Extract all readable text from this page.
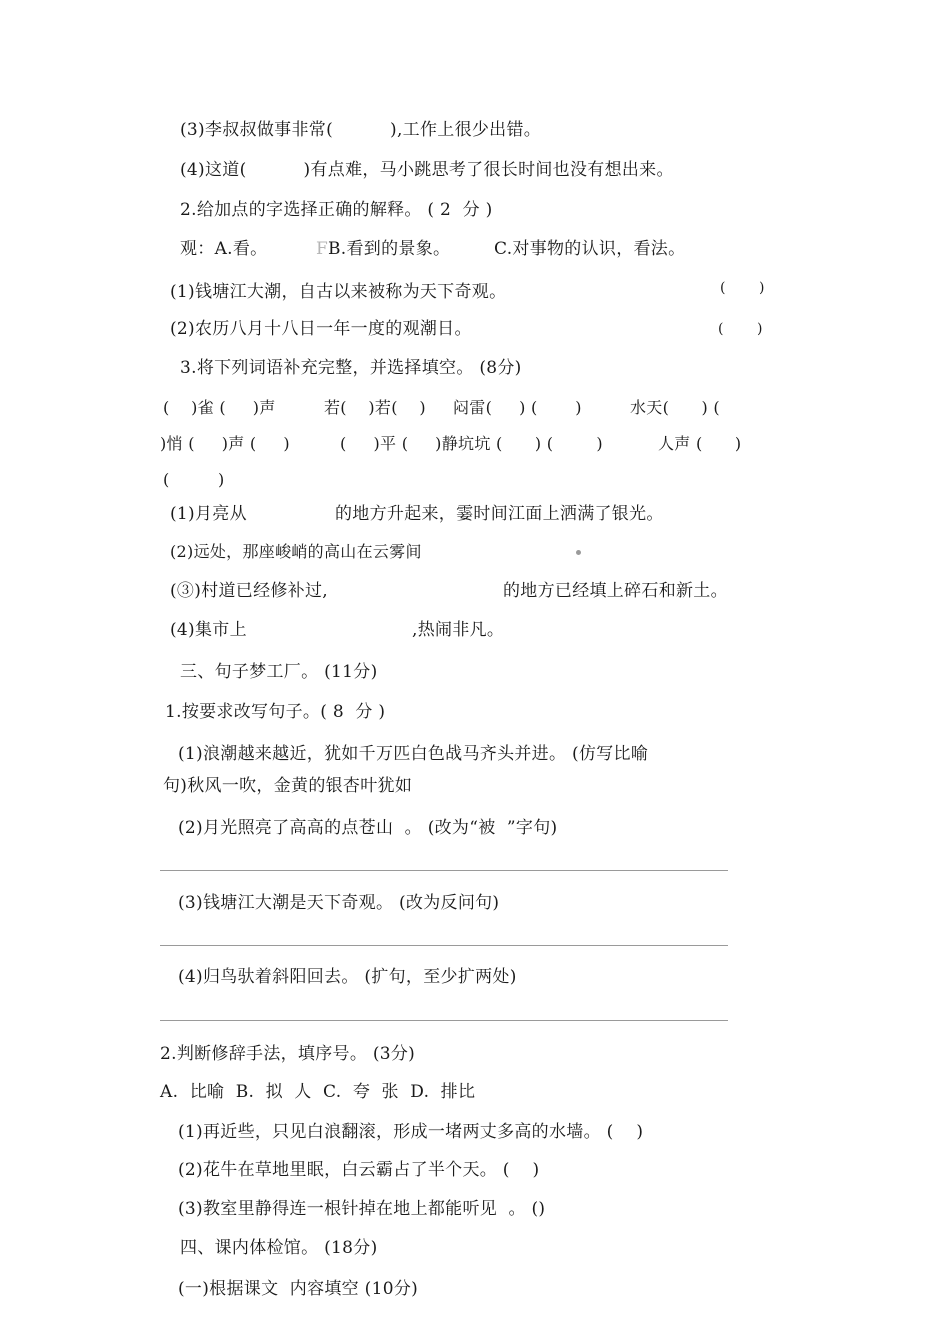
(3)李叔叔做事非常(          ),工作上很少出错。
(4)这道(          )有点难，马小跳思考了很长时间也没有想出来。
2.给加点的字选择正确的解释。 ( 2  分 )
观：A.看。	F B.看到的景象。	C.对事物的认识，看法。
(1)钱塘江大潮，自古以来被称为天下奇观。	(       )
(2)农历八月十八日一年一度的观潮日。	(       )
3.将下列词语补充完整，并选择填空。 (8分)
(    )雀 (     )声	若(    )若(    ) 闷雷(     ) (       )	水天(      ) (
)悄 (     )声 (     )	(     )平 (     )静坑坑 (      ) (        )	人声 (      )
(         )
(1)月亮从	的地方升起来，霎时间江面上洒满了银光。
(2)远处，那座峻峭的高山在云雾间
(③)村道已经修补过,	的地方已经填上碎石和新土。
(4)集市上	,热闹非凡。
三、句子梦工厂。 (11分)
1.按要求改写句子。( 8  分 )
(1)浪潮越来越近，犹如千万匹白色战马齐头并进。 (仿写比喻
句)秋风一吹，金黄的银杏叶犹如
(2)月光照亮了高高的点苍山  。 (改为“被  ”字句)
(3)钱塘江大潮是天下奇观。 (改为反问句)
(4)归鸟驮着斜阳回去。 (扩句，至少扩两处)
2.判断修辞手法，填序号。 (3分)
A.  比喻  B.  拟  人  C.  夸  张  D.  排比
(1)再近些，只见白浪翻滚，形成一堵两丈多高的水墙。 (    )
(2)花牛在草地里眠，白云霸占了半个天。 (    )
(3)教室里静得连一根针掉在地上都能听见  。 ()
四、课内体检馆。 (18分)
(一)根据课文  内容填空 (10分)
